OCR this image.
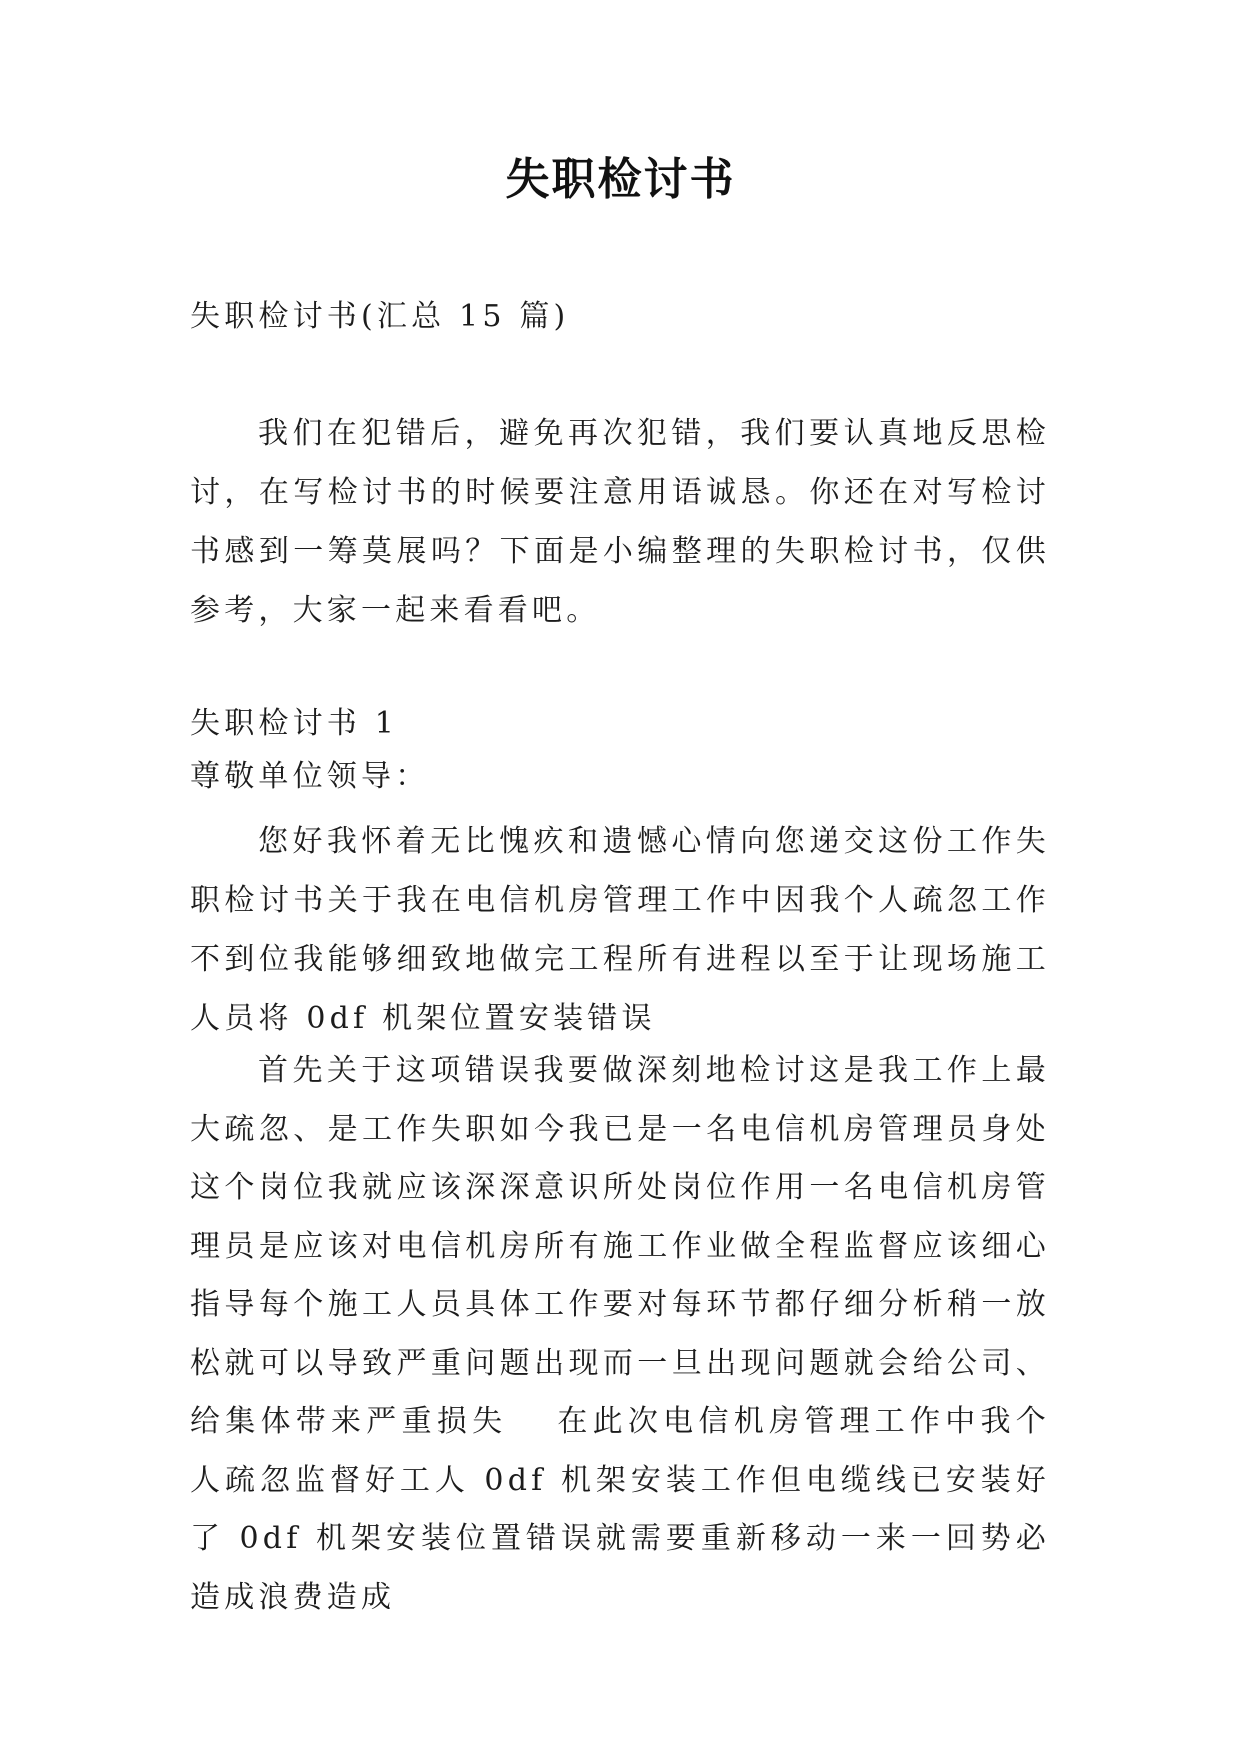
失职检讨书
失职检讨书(汇总 15 篇)
我们在犯错后，避免再次犯错，我们要认真地反思检讨，在写检讨书的时候要注意用语诚恳。你还在对写检讨书感到一筹莫展吗？下面是小编整理的失职检讨书，仅供参考，大家一起来看看吧。
失职检讨书 1
尊敬单位领导：
您好我怀着无比愧疚和遗憾心情向您递交这份工作失职检讨书关于我在电信机房管理工作中因我个人疏忽工作不到位我能够细致地做完工程所有进程以至于让现场施工人员将 0df 机架位置安装错误
首先关于这项错误我要做深刻地检讨这是我工作上最大疏忽、是工作失职如今我已是一名电信机房管理员身处这个岗位我就应该深深意识所处岗位作用一名电信机房管理员是应该对电信机房所有施工作业做全程监督应该细心指导每个施工人员具体工作要对每环节都仔细分析稍一放松就可以导致严重问题出现而一旦出现问题就会给公司、给集体带来严重损失　 在此次电信机房管理工作中我个人疏忽监督好工人 0df 机架安装工作但电缆线已安装好了 0df 机架安装位置错误就需要重新移动一来一回势必造成浪费造成
